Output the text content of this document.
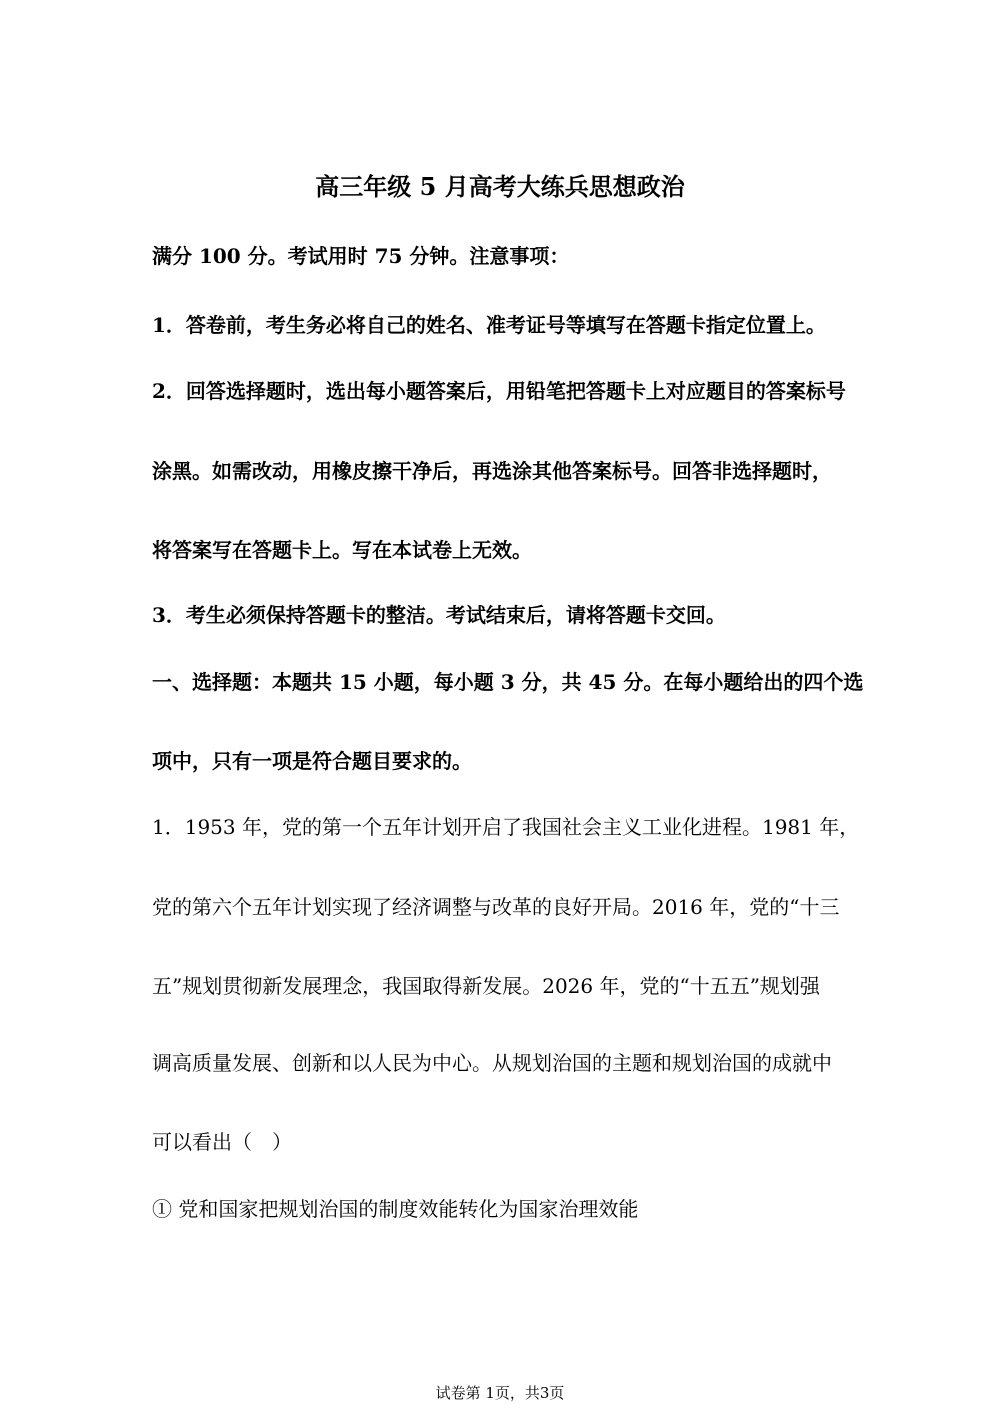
高三年级 5 月高考大练兵思想政治
满分 100 分。考试用时 75 分钟。注意事项：
1．答卷前，考生务必将自己的姓名、准考证号等填写在答题卡指定位置上。
2．回答选择题时，选出每小题答案后，用铅笔把答题卡上对应题目的答案标号
涂黑。如需改动，用橡皮擦干净后，再选涂其他答案标号。回答非选择题时，
将答案写在答题卡上。写在本试卷上无效。
3．考生必须保持答题卡的整洁。考试结束后，请将答题卡交回。
一、选择题：本题共 15 小题，每小题 3 分，共 45 分。在每小题给出的四个选
项中，只有一项是符合题目要求的。
1．1953 年，党的第一个五年计划开启了我国社会主义工业化进程。1981 年，
党的第六个五年计划实现了经济调整与改革的良好开局。2016 年，党的“十三
五”规划贯彻新发展理念，我国取得新发展。2026 年，党的“十五五”规划强
调高质量发展、创新和以人民为中心。从规划治国的主题和规划治国的成就中
可以看出（　）
① 党和国家把规划治国的制度效能转化为国家治理效能
试卷第 1页，共3页
